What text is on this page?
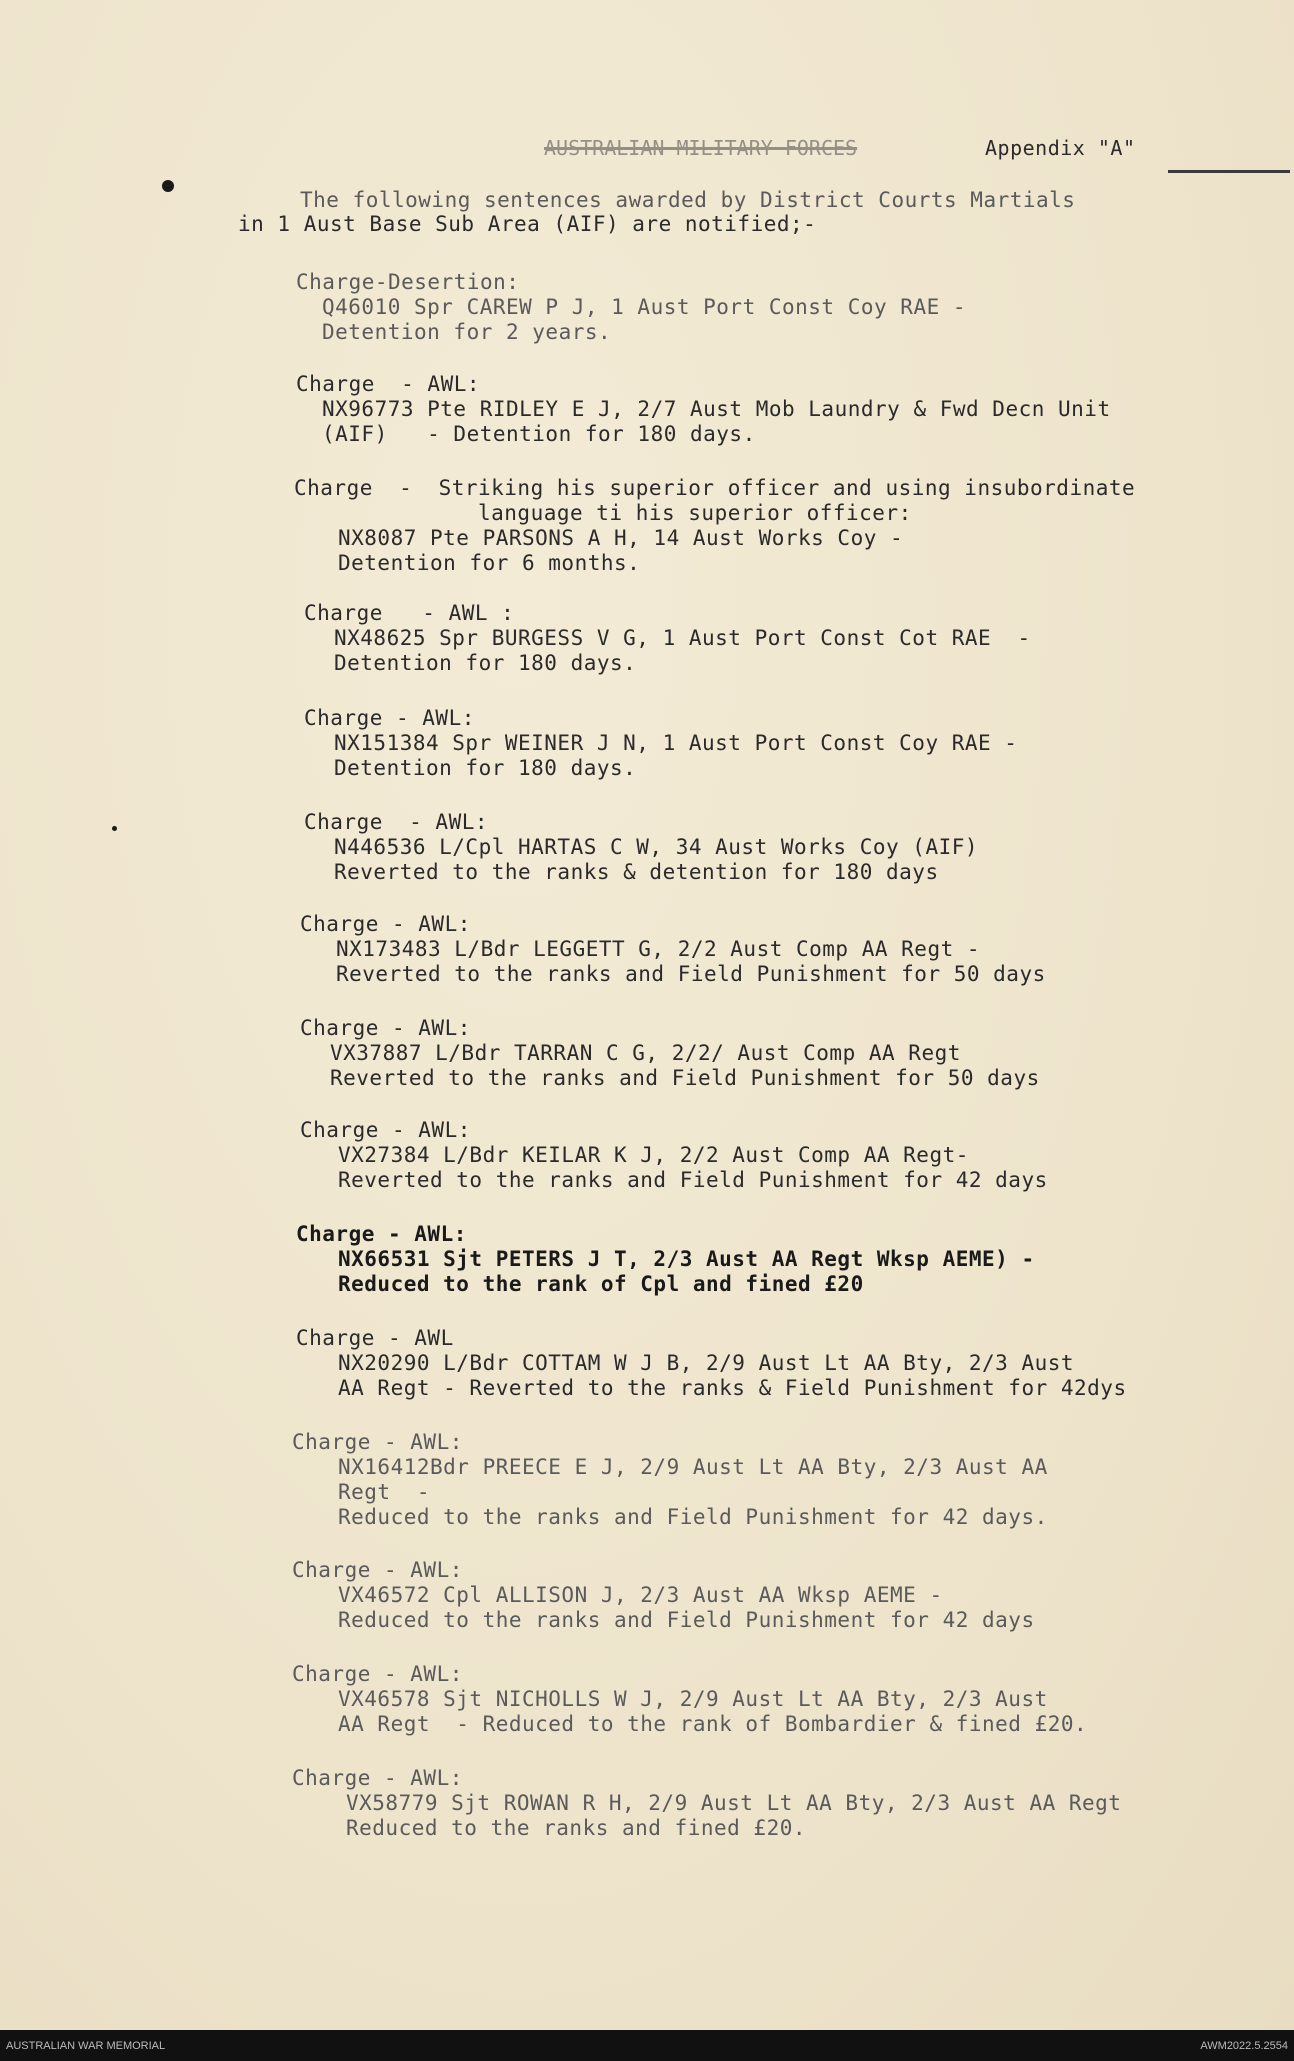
AUSTRALIAN MILITARY FORCES	Appendix "A"
The following sentences awarded by District Courts Martials
in 1 Aust Base Sub Area (AIF) are notified;-
Charge-Desertion:
Q46010 Spr CAREW P J, 1 Aust Port Const Coy RAE -
Detention for 2 years.
Charge  - AWL:
NX96773 Pte RIDLEY E J, 2/7 Aust Mob Laundry & Fwd Decn Unit
(AIF)   - Detention for 180 days.
Charge  -  Striking his superior officer and using insubordinate
language ti his superior officer:
NX8087 Pte PARSONS A H, 14 Aust Works Coy -
Detention for 6 months.
Charge   - AWL :
NX48625 Spr BURGESS V G, 1 Aust Port Const Cot RAE  -
Detention for 180 days.
Charge - AWL:
NX151384 Spr WEINER J N, 1 Aust Port Const Coy RAE -
Detention for 180 days.
Charge  - AWL:
N446536 L/Cpl HARTAS C W, 34 Aust Works Coy (AIF)
Reverted to the ranks & detention for 180 days
Charge - AWL:
NX173483 L/Bdr LEGGETT G, 2/2 Aust Comp AA Regt -
Reverted to the ranks and Field Punishment for 50 days
Charge - AWL:
VX37887 L/Bdr TARRAN C G, 2/2/ Aust Comp AA Regt
Reverted to the ranks and Field Punishment for 50 days
Charge - AWL:
VX27384 L/Bdr KEILAR K J, 2/2 Aust Comp AA Regt-
Reverted to the ranks and Field Punishment for 42 days
Charge - AWL:
NX66531 Sjt PETERS J T, 2/3 Aust AA Regt Wksp AEME) -
Reduced to the rank of Cpl and fined £20
Charge - AWL
NX20290 L/Bdr COTTAM W J B, 2/9 Aust Lt AA Bty, 2/3 Aust
AA Regt - Reverted to the ranks & Field Punishment for 42dys
Charge - AWL:
NX16412Bdr PREECE E J, 2/9 Aust Lt AA Bty, 2/3 Aust AA
Regt  -
Reduced to the ranks and Field Punishment for 42 days.
Charge - AWL:
VX46572 Cpl ALLISON J, 2/3 Aust AA Wksp AEME -
Reduced to the ranks and Field Punishment for 42 days
Charge - AWL:
VX46578 Sjt NICHOLLS W J, 2/9 Aust Lt AA Bty, 2/3 Aust
AA Regt  - Reduced to the rank of Bombardier & fined £20.
Charge - AWL:
VX58779 Sjt ROWAN R H, 2/9 Aust Lt AA Bty, 2/3 Aust AA Regt
Reduced to the ranks and fined £20.
AUSTRALIAN WAR MEMORIAL	AWM2022.5.2554
